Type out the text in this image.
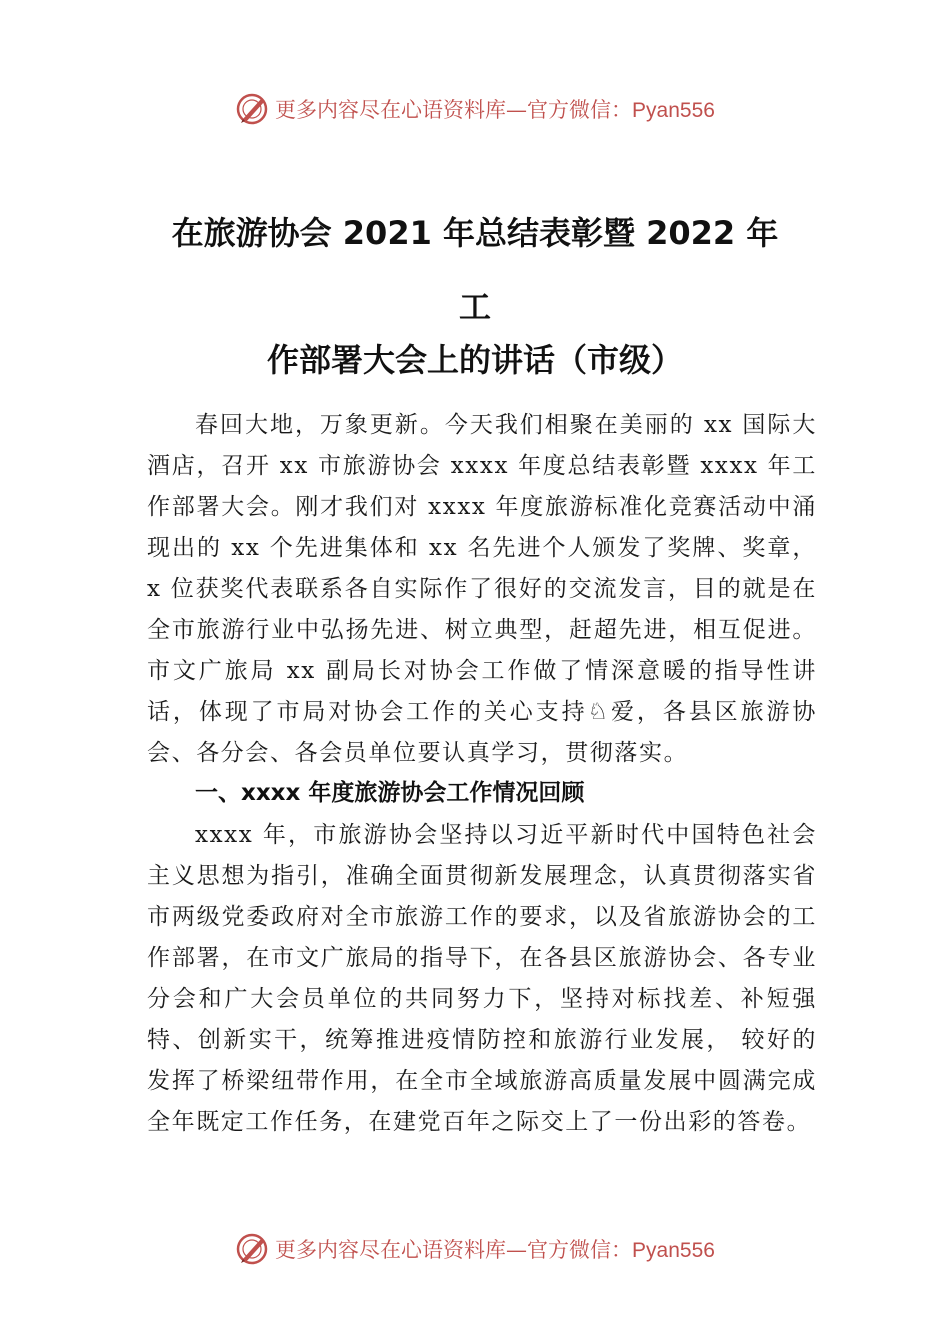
更多内容尽在心语资料库—官方微信：Pyan556
在旅游协会 2021 年总结表彰暨 2022 年
工
作部署大会上的讲话（市级）

春回大地，万象更新。今天我们相聚在美丽的 xx 国际大酒店，召开 xx 市旅游协会 xxxx 年度总结表彰暨 xxxx 年工作部署大会。刚才我们对 xxxx 年度旅游标准化竞赛活动中涌现出的 xx 个先进集体和 xx 名先进个人颁发了奖牌、奖章， x 位获奖代表联系各自实际作了很好的交流发言，目的就是在全市旅游行业中弘扬先进、树立典型，赶超先进，相互促进。市文广旅局 xx 副局长对协会工作做了情深意暖的指导性讲话，体现了市局对协会工作的关心支持♘爱，各县区旅游协会、各分会、各会员单位要认真学习，贯彻落实。

一、xxxx 年度旅游协会工作情况回顾

xxxx 年，市旅游协会坚持以习近平新时代中国特色社会主义思想为指引，准确全面贯彻新发展理念，认真贯彻落实省市两级党委政府对全市旅游工作的要求，以及省旅游协会的工作部署，在市文广旅局的指导下，在各县区旅游协会、各专业分会和广大会员单位的共同努力下，坚持对标找差、补短强特、创新实干，统筹推进疫情防控和旅游行业发展， 较好的发挥了桥梁纽带作用，在全市全域旅游高质量发展中圆满完成全年既定工作任务，在建党百年之际交上了一份出彩的答卷。

更多内容尽在心语资料库—官方微信：Pyan556
